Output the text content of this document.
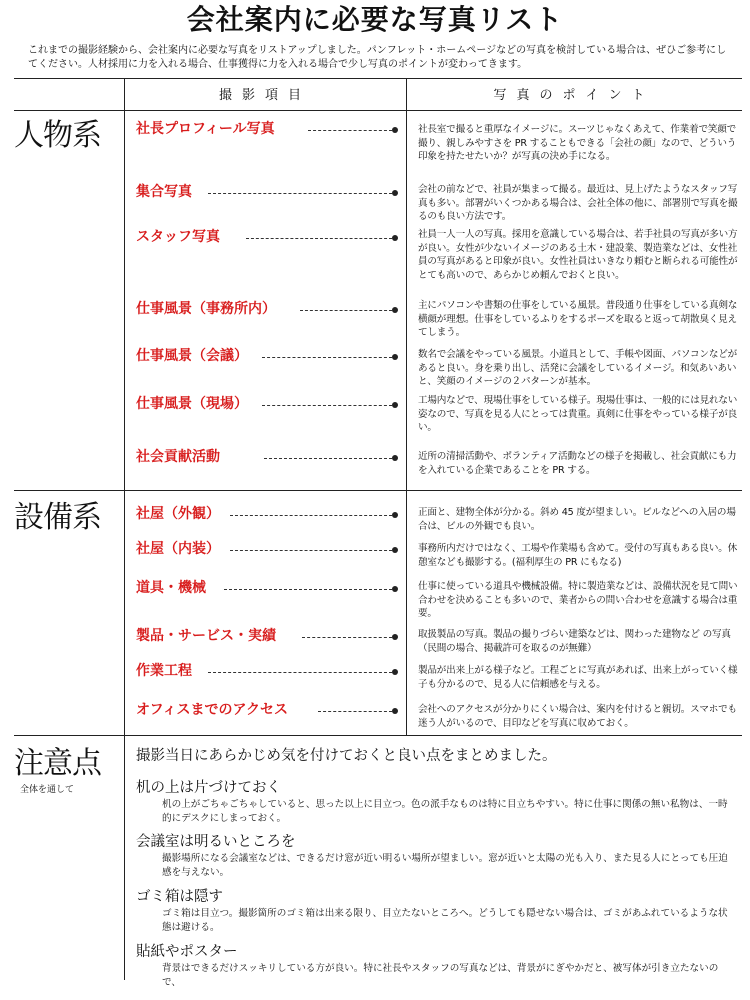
会社案内に必要な写真リスト
これまでの撮影経験から、会社案内に必要な写真をリストアップしました。パンフレット・ホームページなどの写真を検討している場合は、ぜひご参考にしてください。人材採用に力を入れる場合、仕事獲得に力を入れる場合で少し写真のポイントが変わってきます。
撮影項目	写真のポイント
人物系	社長プロフィール写真	社長室で撮ると重厚なイメージに。スーツじゃなくあえて、作業着で笑顔で撮り、親しみやすさを PR することもできる「会社の顔」なので、どういう印象を持たせたいか？が写真の決め手になる。
集合写真	会社の前などで、社員が集まって撮る。最近は、見上げたようなスタッフ写真も多い。部署がいくつかある場合は、会社全体の他に、部署別で写真を撮るのも良い方法です。
スタッフ写真	社員一人一人の写真。採用を意識している場合は、若手社員の写真が多い方が良い。女性が少ないイメージのある土木・建設業、製造業などは、女性社員の写真があると印象が良い。女性社員はいきなり頼むと断られる可能性がとても高いので、あらかじめ頼んでおくと良い。
仕事風景（事務所内）	主にパソコンや書類の仕事をしている風景。普段通り仕事をしている真剣な横顔が理想。仕事をしているふりをするポーズを取ると返って胡散臭く見えてしまう。
仕事風景（会議）	数名で会議をやっている風景。小道具として、手帳や図面、パソコンなどがあると良い。身を乗り出し、活発に会議をしているイメージ。和気あいあいと、笑顔のイメージの２パターンが基本。
仕事風景（現場）	工場内などで、現場仕事をしている様子。現場仕事は、一般的には見れない姿なので、写真を見る人にとっては貴重。真剣に仕事をやっている様子が良い。
社会貢献活動	近所の清掃活動や、ボランティア活動などの様子を掲載し、社会貢献にも力を入れている企業であることを PR する。
設備系	社屋（外観）	正面と、建物全体が分かる。斜め 45 度が望ましい。ビルなどへの入居の場合は、ビルの外観でも良い。
社屋（内装）	事務所内だけではなく、工場や作業場も含めて。受付の写真もある良い。休憩室なども撮影する。(福利厚生の PR にもなる)
道具・機械	仕事に使っている道具や機械設備。特に製造業などは、設備状況を見て問い合わせを決めることも多いので、業者からの問い合わせを意識する場合は重要。
製品・サービス・実績	取扱製品の写真。製品の撮りづらい建築などは、関わった建物など の写真（民間の場合、掲載許可を取るのが無難）
作業工程	製品が出来上がる様子など。工程ごとに写真があれば、出来上がっていく様子も分かるので、見る人に信頼感を与える。
オフィスまでのアクセス	会社へのアクセスが分かりにくい場合は、案内を付けると親切。スマホでも迷う人がいるので、目印などを写真に収めておく。
注意点
全体を通して
撮影当日にあらかじめ気を付けておくと良い点をまとめました。
机の上は片づけておく
机の上がごちゃごちゃしていると、思った以上に目立つ。色の派手なものは特に目立ちやすい。特に仕事に関係の無い私物は、一時的にデスクにしまっておく。
会議室は明るいところを
撮影場所になる会議室などは、できるだけ窓が近い明るい場所が望ましい。窓が近いと太陽の光も入り、また見る人にとっても圧迫感を与えない。
ゴミ箱は隠す
ゴミ箱は目立つ。撮影箇所のゴミ箱は出来る限り、目立たないところへ。どうしても隠せない場合は、ゴミがあふれているような状態は避ける。
貼紙やポスター
背景はできるだけスッキリしている方が良い。特に社長やスタッフの写真などは、背景がにぎやかだと、被写体が引き立たないので、
